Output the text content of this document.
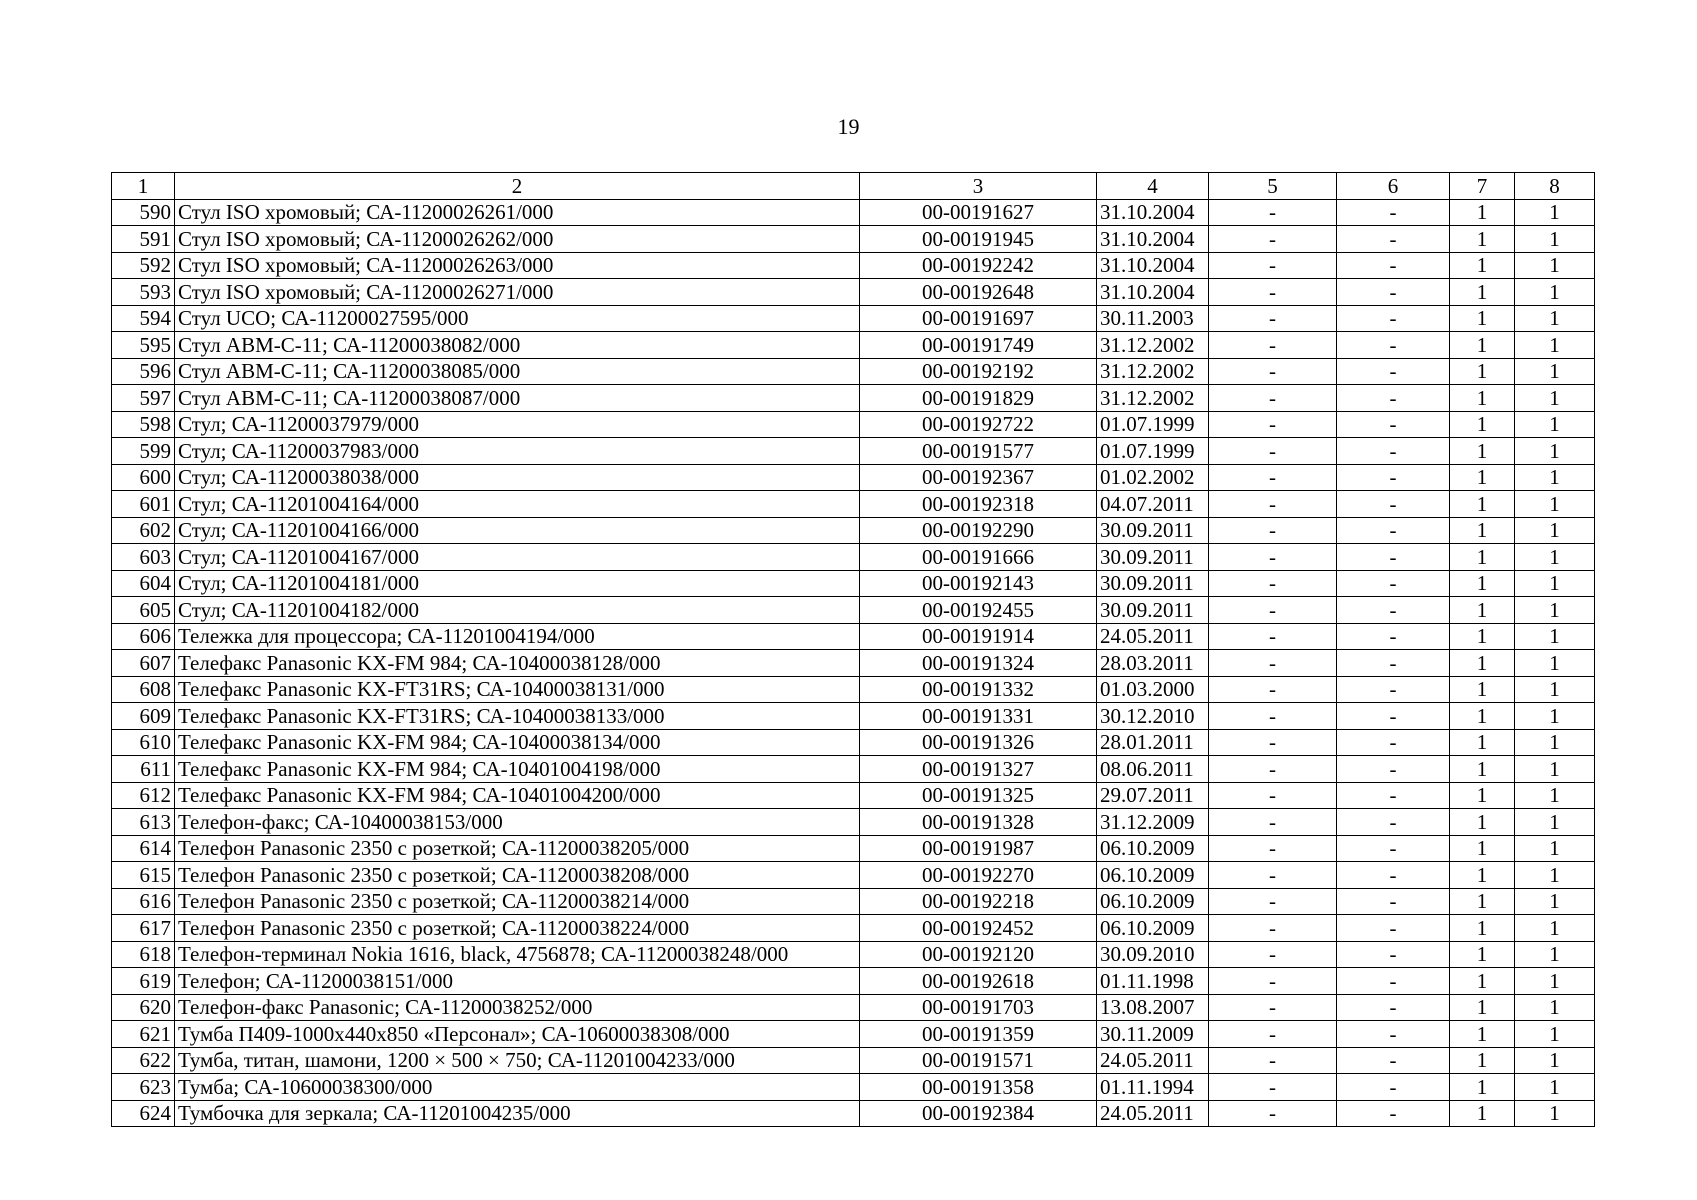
19
1	2	3	4	5	6	7	8
590	Стул ISO хромовый; СА-11200026261/000	00-00191627	31.10.2004	-	-	1	1
591	Стул ISO хромовый; СА-11200026262/000	00-00191945	31.10.2004	-	-	1	1
592	Стул ISO хромовый; СА-11200026263/000	00-00192242	31.10.2004	-	-	1	1
593	Стул ISO хромовый; СА-11200026271/000	00-00192648	31.10.2004	-	-	1	1
594	Стул UCO; СА-11200027595/000	00-00191697	30.11.2003	-	-	1	1
595	Стул АВМ-С-11; СА-11200038082/000	00-00191749	31.12.2002	-	-	1	1
596	Стул АВМ-С-11; СА-11200038085/000	00-00192192	31.12.2002	-	-	1	1
597	Стул АВМ-С-11; СА-11200038087/000	00-00191829	31.12.2002	-	-	1	1
598	Стул; СА-11200037979/000	00-00192722	01.07.1999	-	-	1	1
599	Стул; СА-11200037983/000	00-00191577	01.07.1999	-	-	1	1
600	Стул; СА-11200038038/000	00-00192367	01.02.2002	-	-	1	1
601	Стул; СА-11201004164/000	00-00192318	04.07.2011	-	-	1	1
602	Стул; СА-11201004166/000	00-00192290	30.09.2011	-	-	1	1
603	Стул; СА-11201004167/000	00-00191666	30.09.2011	-	-	1	1
604	Стул; СА-11201004181/000	00-00192143	30.09.2011	-	-	1	1
605	Стул; СА-11201004182/000	00-00192455	30.09.2011	-	-	1	1
606	Тележка для процессора; СА-11201004194/000	00-00191914	24.05.2011	-	-	1	1
607	Телефакс Panasonic KX-FM 984; СА-10400038128/000	00-00191324	28.03.2011	-	-	1	1
608	Телефакс Panasonic KX-FT31RS; СА-10400038131/000	00-00191332	01.03.2000	-	-	1	1
609	Телефакс Panasonic KX-FT31RS; СА-10400038133/000	00-00191331	30.12.2010	-	-	1	1
610	Телефакс Panasonic KX-FM 984; СА-10400038134/000	00-00191326	28.01.2011	-	-	1	1
611	Телефакс Panasonic KX-FM 984; СА-10401004198/000	00-00191327	08.06.2011	-	-	1	1
612	Телефакс Panasonic KX-FM 984; СА-10401004200/000	00-00191325	29.07.2011	-	-	1	1
613	Телефон-факс; СА-10400038153/000	00-00191328	31.12.2009	-	-	1	1
614	Телефон Panasonic 2350 с розеткой; СА-11200038205/000	00-00191987	06.10.2009	-	-	1	1
615	Телефон Panasonic 2350 с розеткой; СА-11200038208/000	00-00192270	06.10.2009	-	-	1	1
616	Телефон Panasonic 2350 с розеткой; СА-11200038214/000	00-00192218	06.10.2009	-	-	1	1
617	Телефон Panasonic 2350 с розеткой; СА-11200038224/000	00-00192452	06.10.2009	-	-	1	1
618	Телефон-терминал Nokia 1616, black, 4756878; СА-11200038248/000	00-00192120	30.09.2010	-	-	1	1
619	Телефон; СА-11200038151/000	00-00192618	01.11.1998	-	-	1	1
620	Телефон-факс Panasonic; СА-11200038252/000	00-00191703	13.08.2007	-	-	1	1
621	Тумба П409-1000х440х850 «Персонал»; СА-10600038308/000	00-00191359	30.11.2009	-	-	1	1
622	Тумба, титан, шамони, 1200 × 500 × 750; СА-11201004233/000	00-00191571	24.05.2011	-	-	1	1
623	Тумба; СА-10600038300/000	00-00191358	01.11.1994	-	-	1	1
624	Тумбочка для зеркала; СА-11201004235/000	00-00192384	24.05.2011	-	-	1	1
